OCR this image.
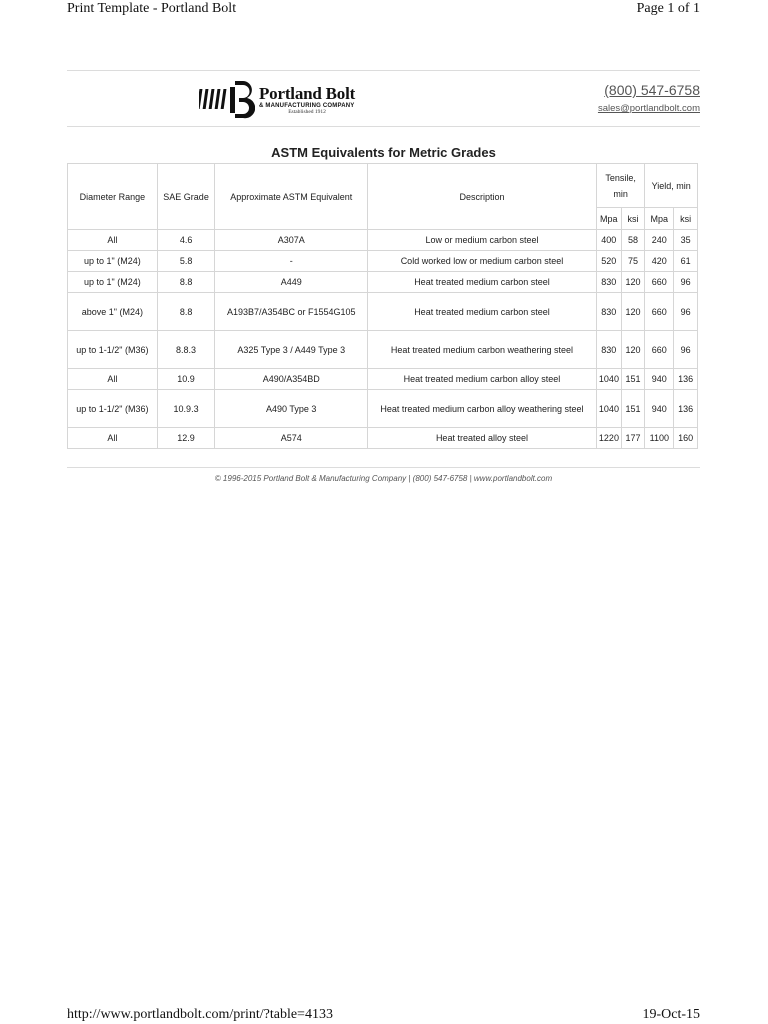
Print Template - Portland Bolt	Page 1 of 1
Portland Bolt
& MANUFACTURING COMPANY
Established 1912
(800) 547-6758
sales@portlandbolt.com
ASTM Equivalents for Metric Grades
Diameter Range	SAE Grade	Approximate ASTM Equivalent	Description	Tensile, min		Yield, min	
				Mpa	ksi	Mpa	ksi
All	4.6	A307A	Low or medium carbon steel	400	58	240	35
up to 1" (M24)	5.8	-	Cold worked low or medium carbon steel	520	75	420	61
up to 1" (M24)	8.8	A449	Heat treated medium carbon steel	830	120	660	96
above 1" (M24)	8.8	A193B7/A354BC or F1554G105	Heat treated medium carbon steel	830	120	660	96
up to 1-1/2" (M36)	8.8.3	A325 Type 3 / A449 Type 3	Heat treated medium carbon weathering steel	830	120	660	96
All	10.9	A490/A354BD	Heat treated medium carbon alloy steel	1040	151	940	136
up to 1-1/2" (M36)	10.9.3	A490 Type 3	Heat treated medium carbon alloy weathering steel	1040	151	940	136
All	12.9	A574	Heat treated alloy steel	1220	177	1100	160
© 1996-2015 Portland Bolt & Manufacturing Company | (800) 547-6758 | www.portlandbolt.com
http://www.portlandbolt.com/print/?table=4133	19-Oct-15
